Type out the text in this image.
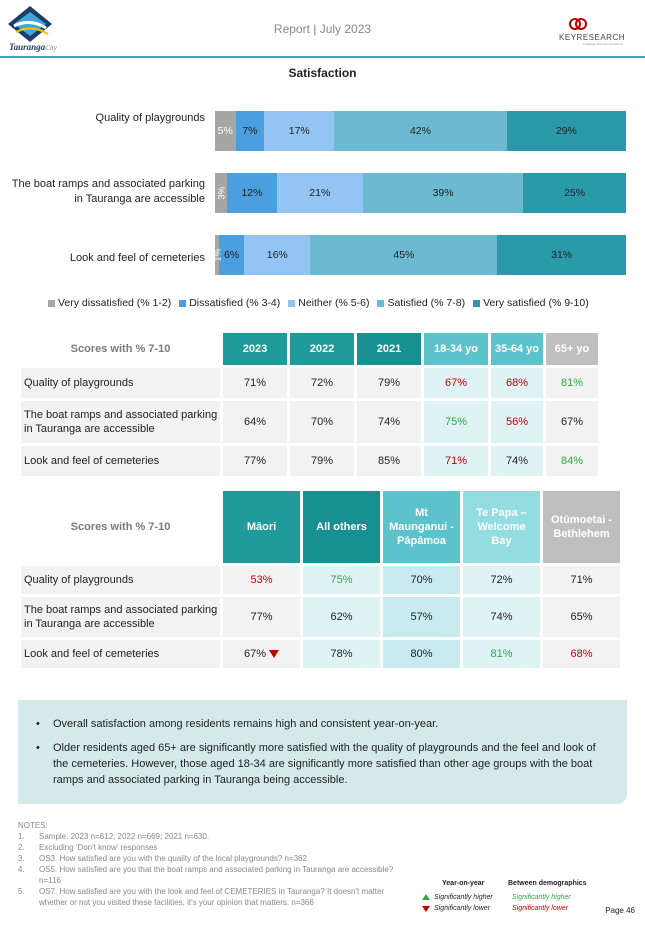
TaurangaCity
Report | July 2023
KEYRESEARCH
Intelligent Business Decisions
Satisfaction
Quality of playgrounds
The boat ramps and associated parking
in Tauranga are accessible
Look and feel of cemeteries
5% 7%	17%	42%	29%
3% 12%	21%	39%	25%
1% 6%	16%	45%	31%
Very dissatisfied (% 1-2) Dissatisfied (% 3-4) Neither (% 5-6) Satisfied (% 7-8) Very satisfied (% 9-10)
Scores with % 7-10	2023	2022	2021	18-34 yo	35-64 yo	65+ yo
Quality of playgrounds	71%	72%	79%	67%	68%	81%
The boat ramps and associated parking
in Tauranga are accessible	64%	70%	74%	75%	56%	67%
Look and feel of cemeteries	77%	79%	85%	71%	74%	84%
Scores with % 7-10	Māori	All others	Mt
Maunganui -
Pāpāmoa	Te Papa –
Welcome
Bay	Otūmoetai -
Bethlehem
Quality of playgrounds	53%	75%	70%	72%	71%
The boat ramps and associated parking
in Tauranga are accessible	77%	62%	57%	74%	65%
Look and feel of cemeteries	67%	78%	80%	81%	68%
• Overall satisfaction among residents remains high and consistent year-on-year.
• Older residents aged 65+ are significantly more satisfied with the quality of playgrounds and the feel and look of the cemeteries. However, those aged 18-34 are significantly more satisfied than other age groups with the boat ramps and associated parking in Tauranga being accessible.
NOTES:
1. Sample: 2023 n=612; 2022 n=669; 2021 n=630.
2. Excluding 'Don't know' responses
3. OS3. How satisfied are you with the quality of the local playgrounds? n=362
4. OS5. How satisfied are you that the boat ramps and associated parking in Tauranga are accessible? n=116
5. OS7. How satisfied are you with the look and feel of CEMETERIES in Tauranga? It doesn't matter whether or not you visited these facilities, it's your opinion that matters. n=366
Year-on-year	Between demographics
Significantly higher	Significantly higher
Significantly lower	Significantly lower	Page 46
